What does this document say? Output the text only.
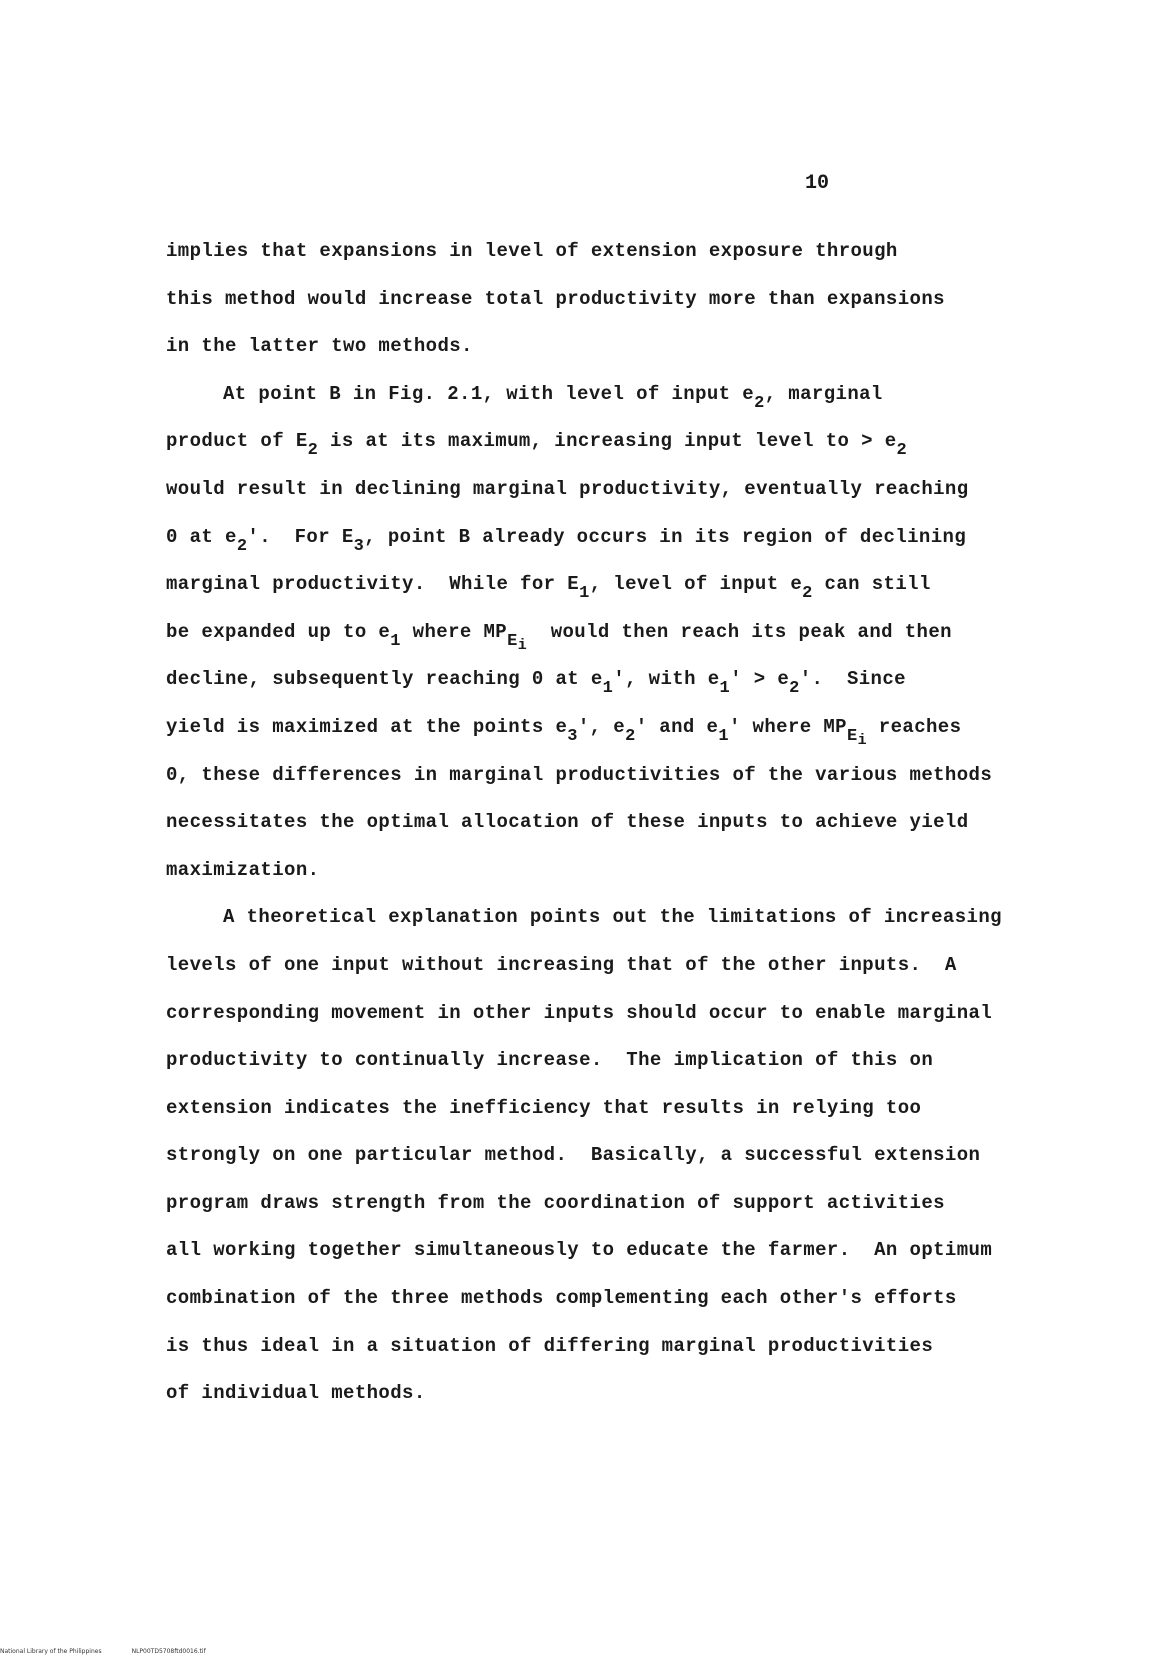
10
implies that expansions in level of extension exposure through
this method would increase total productivity more than expansions
in the latter two methods.
At point B in Fig. 2.1, with level of input $e_2$, marginal
product of $E_2$ is at its maximum, increasing input level to > $e_2$
would result in declining marginal productivity, eventually reaching
0 at $e_2'$.  For $E_3$, point B already occurs in its region of declining
marginal productivity.  While for $E_1$, level of input $e_2$ can still
be expanded up to $e_1$ where $MP_{E_i}$  would then reach its peak and then
decline, subsequently reaching 0 at $e_1'$, with $e_1' > e_2'$.  Since
yield is maximized at the points $e_3'$, $e_2'$ and $e_1'$ where $MP_{E_i}$ reaches
0, these differences in marginal productivities of the various methods
necessitates the optimal allocation of these inputs to achieve yield
maximization.
A theoretical explanation points out the limitations of increasing
levels of one input without increasing that of the other inputs.  A
corresponding movement in other inputs should occur to enable marginal
productivity to continually increase.  The implication of this on
extension indicates the inefficiency that results in relying too
strongly on one particular method.  Basically, a successful extension
program draws strength from the coordination of support activities
all working together simultaneously to educate the farmer.  An optimum
combination of the three methods complementing each other's efforts
is thus ideal in a situation of differing marginal productivities
of individual methods.
National Library of the Philippines	NLP00TD5708ftd0016.tif
